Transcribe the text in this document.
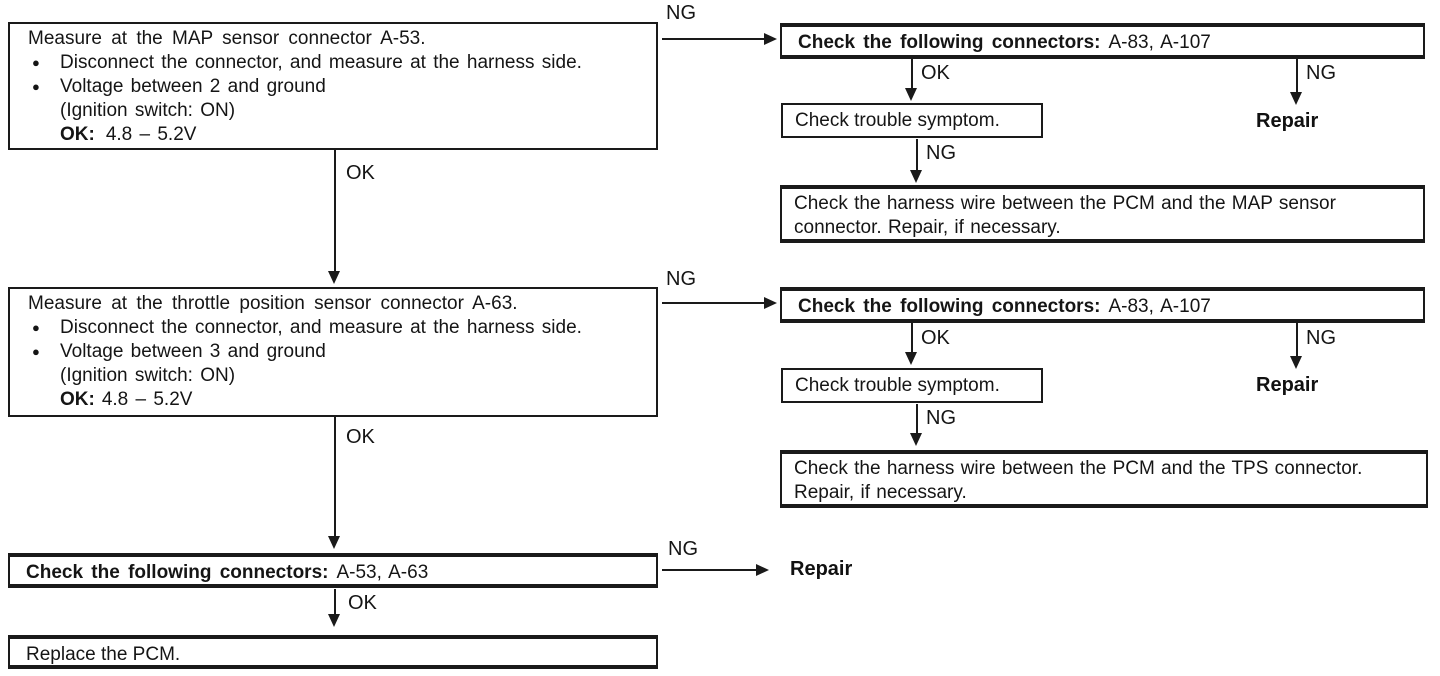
Measure at the MAP sensor connector A-53.
●Disconnect the connector, and measure at the harness side.
●Voltage between 2 and ground
(Ignition switch: ON)
OK: 4.8 – 5.2V
NG
Check the following connectors: A-83, A-107
OK	NG
Repair
Check trouble symptom.
NG
Check the harness wire between the PCM and the MAP sensor
connector. Repair, if necessary.
OK
Measure at the throttle position sensor connector A-63.
●Disconnect the connector, and measure at the harness side.
●Voltage between 3 and ground
(Ignition switch: ON)
OK: 4.8 – 5.2V
NG
Check the following connectors: A-83, A-107
OK	NG
Repair
Check trouble symptom.
NG
Check the harness wire between the PCM and the TPS connector.
Repair, if necessary.
OK
Check the following connectors: A-53, A-63
NG
Repair
OK
Replace the PCM.
